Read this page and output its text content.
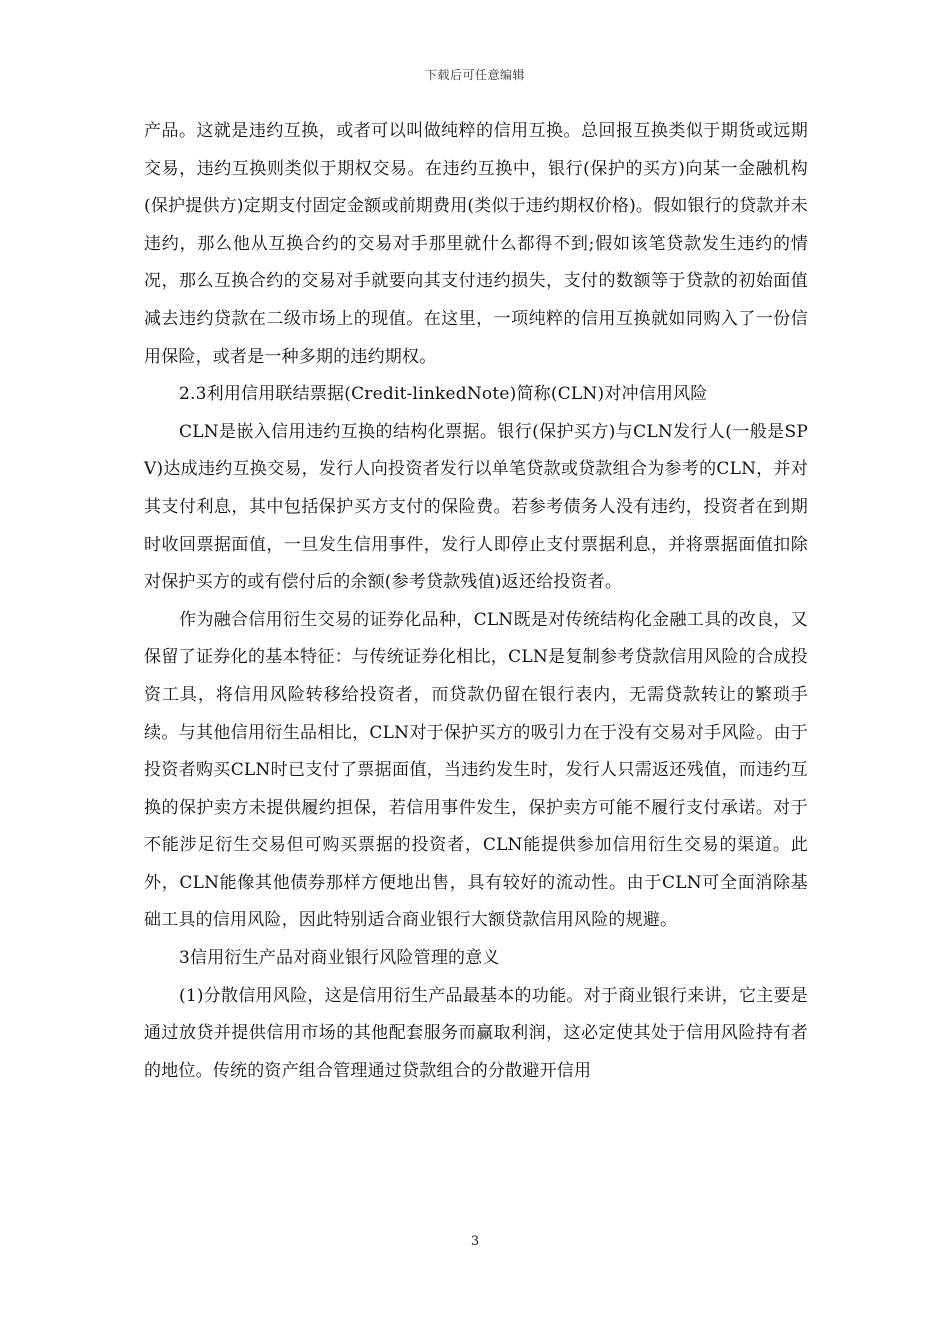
下载后可任意编辑

产品。这就是违约互换，或者可以叫做纯粹的信用互换。总回报互换类似于期货或远期交易，违约互换则类似于期权交易。在违约互换中，银行(保护的买方)向某一金融机构(保护提供方)定期支付固定金额或前期费用(类似于违约期权价格)。假如银行的贷款并未违约，那么他从互换合约的交易对手那里就什么都得不到;假如该笔贷款发生违约的情况，那么互换合约的交易对手就要向其支付违约损失，支付的数额等于贷款的初始面值减去违约贷款在二级市场上的现值。在这里，一项纯粹的信用互换就如同购入了一份信用保险，或者是一种多期的违约期权。

2.3利用信用联结票据(Credit-linkedNote)简称(CLN)对冲信用风险

CLN是嵌入信用违约互换的结构化票据。银行(保护买方)与CLN发行人(一般是SPV)达成违约互换交易，发行人向投资者发行以单笔贷款或贷款组合为参考的CLN，并对其支付利息，其中包括保护买方支付的保险费。若参考债务人没有违约，投资者在到期时收回票据面值，一旦发生信用事件，发行人即停止支付票据利息，并将票据面值扣除对保护买方的或有偿付后的余额(参考贷款残值)返还给投资者。

作为融合信用衍生交易的证券化品种，CLN既是对传统结构化金融工具的改良，又保留了证券化的基本特征：与传统证券化相比，CLN是复制参考贷款信用风险的合成投资工具，将信用风险转移给投资者，而贷款仍留在银行表内，无需贷款转让的繁琐手续。与其他信用衍生品相比，CLN对于保护买方的吸引力在于没有交易对手风险。由于投资者购买CLN时已支付了票据面值，当违约发生时，发行人只需返还残值，而违约互换的保护卖方未提供履约担保，若信用事件发生，保护卖方可能不履行支付承诺。对于不能涉足衍生交易但可购买票据的投资者，CLN能提供参加信用衍生交易的渠道。此外，CLN能像其他债券那样方便地出售，具有较好的流动性。由于CLN可全面消除基础工具的信用风险，因此特别适合商业银行大额贷款信用风险的规避。

3信用衍生产品对商业银行风险管理的意义

(1)分散信用风险，这是信用衍生产品最基本的功能。对于商业银行来讲，它主要是通过放贷并提供信用市场的其他配套服务而赢取利润，这必定使其处于信用风险持有者的地位。传统的资产组合管理通过贷款组合的分散避开信用

3
